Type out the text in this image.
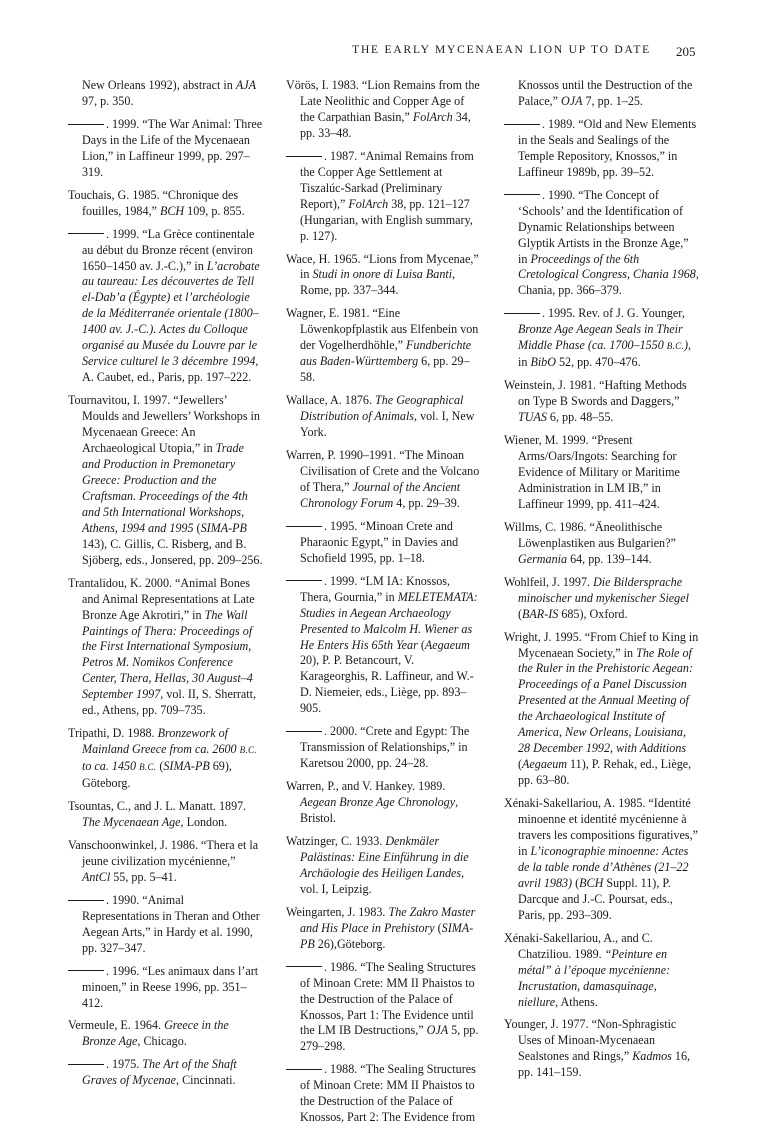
THE EARLY MYCENAEAN LION UP TO DATE 205
New Orleans 1992), abstract in AJA 97, p. 350.
. 1999. “The War Animal: Three Days in the Life of the Mycenaean Lion,” in Laffineur 1999, pp. 297–319.
Touchais, G. 1985. “Chronique des fouilles, 1984,” BCH 109, p. 855.
. 1999. “La Grèce continentale au début du Bronze récent (environ 1650–1450 av. J.-C.),” in L’acrobate au taureau: Les découvertes de Tell el-Dab’a (Égypte) et l’archéologie de la Méditerranée orientale (1800–1400 av. J.-C.). Actes du Colloque organisé au Musée du Louvre par le Service culturel le 3 décembre 1994, A. Caubet, ed., Paris, pp. 197–222.
Tournavitou, I. 1997. “Jewellers’ Moulds and Jewellers’ Workshops in Mycenaean Greece: An Archaeological Utopia,” in Trade and Production in Premonetary Greece: Production and the Craftsman. Proceedings of the 4th and 5th International Workshops, Athens, 1994 and 1995 (SIMA-PB 143), C. Gillis, C. Risberg, and B. Sjöberg, eds., Jonsered, pp. 209–256.
Trantalidou, K. 2000. “Animal Bones and Animal Representations at Late Bronze Age Akrotiri,” in The Wall Paintings of Thera: Proceedings of the First International Symposium, Petros M. Nomikos Conference Center, Thera, Hellas, 30 August–4 September 1997, vol. II, S. Sherratt, ed., Athens, pp. 709–735.
Tripathi, D. 1988. Bronzework of Mainland Greece from ca. 2600 B.C. to ca. 1450 B.C. (SIMA-PB 69), Göteborg.
Tsountas, C., and J. L. Manatt. 1897. The Mycenaean Age, London.
Vanschoonwinkel, J. 1986. “Thera et la jeune civilization mycénienne,” AntCl 55, pp. 5–41.
. 1990. “Animal Representations in Theran and Other Aegean Arts,” in Hardy et al. 1990, pp. 327–347.
. 1996. “Les animaux dans l’art minoen,” in Reese 1996, pp. 351–412.
Vermeule, E. 1964. Greece in the Bronze Age, Chicago.
. 1975. The Art of the Shaft Graves of Mycenae, Cincinnati.
Vörös, I. 1983. “Lion Remains from the Late Neolithic and Copper Age of the Carpathian Basin,” FolArch 34, pp. 33–48.
. 1987. “Animal Remains from the Copper Age Settlement at Tiszalúc-Sarkad (Preliminary Report),” FolArch 38, pp. 121–127 (Hungarian, with English summary, p. 127).
Wace, H. 1965. “Lions from Mycenae,” in Studi in onore di Luisa Banti, Rome, pp. 337–344.
Wagner, E. 1981. “Eine Löwenkopfplastik aus Elfenbein von der Vogelherdhöhle,” Fundberichte aus Baden-Württemberg 6, pp. 29–58.
Wallace, A. 1876. The Geographical Distribution of Animals, vol. I, New York.
Warren, P. 1990–1991. “The Minoan Civilisation of Crete and the Volcano of Thera,” Journal of the Ancient Chronology Forum 4, pp. 29–39.
. 1995. “Minoan Crete and Pharaonic Egypt,” in Davies and Schofield 1995, pp. 1–18.
. 1999. “LM IA: Knossos, Thera, Gournia,” in MELETEMATA: Studies in Aegean Archaeology Presented to Malcolm H. Wiener as He Enters His 65th Year (Aegaeum 20), P. P. Betancourt, V. Karageorghis, R. Laffineur, and W.-D. Niemeier, eds., Liège, pp. 893–905.
. 2000. “Crete and Egypt: The Transmission of Relationships,” in Karetsou 2000, pp. 24–28.
Warren, P., and V. Hankey. 1989. Aegean Bronze Age Chronology, Bristol.
Watzinger, C. 1933. Denkmäler Palästinas: Eine Einführung in die Archäologie des Heiligen Landes, vol. I, Leipzig.
Weingarten, J. 1983. The Zakro Master and His Place in Prehistory (SIMA-PB 26),Göteborg.
. 1986. “The Sealing Structures of Minoan Crete: MM II Phaistos to the Destruction of the Palace of Knossos, Part 1: The Evidence until the LM IB Destructions,” OJA 5, pp. 279–298.
. 1988. “The Sealing Structures of Minoan Crete: MM II Phaistos to the Destruction of the Palace of Knossos, Part 2: The Evidence from
Knossos until the Destruction of the Palace,” OJA 7, pp. 1–25.
. 1989. “Old and New Elements in the Seals and Sealings of the Temple Repository, Knossos,” in Laffineur 1989b, pp. 39–52.
. 1990. “The Concept of ‘Schools’ and the Identification of Dynamic Relationships between Glyptik Artists in the Bronze Age,” in Proceedings of the 6th Cretological Congress, Chania 1968, Chania, pp. 366–379.
. 1995. Rev. of J. G. Younger, Bronze Age Aegean Seals in Their Middle Phase (ca. 1700–1550 B.C.), in BibO 52, pp. 470–476.
Weinstein, J. 1981. “Hafting Methods on Type B Swords and Daggers,” TUAS 6, pp. 48–55.
Wiener, M. 1999. “Present Arms/Oars/Ingots: Searching for Evidence of Military or Maritime Administration in LM IB,” in Laffineur 1999, pp. 411–424.
Willms, C. 1986. “Äneolithische Löwenplastiken aus Bulgarien?” Germania 64, pp. 139–144.
Wohlfeil, J. 1997. Die Bildersprache minoischer und mykenischer Siegel (BAR-IS 685), Oxford.
Wright, J. 1995. “From Chief to King in Mycenaean Society,” in The Role of the Ruler in the Prehistoric Aegean: Proceedings of a Panel Discussion Presented at the Annual Meeting of the Archaeological Institute of America, New Orleans, Louisiana, 28 December 1992, with Additions (Aegaeum 11), P. Rehak, ed., Liège, pp. 63–80.
Xénaki-Sakellariou, A. 1985. “Identité minoenne et identité mycénienne à travers les compositions figuratives,” in L’iconographie minoenne: Actes de la table ronde d’Athènes (21–22 avril 1983) (BCH Suppl. 11), P. Darcque and J.-C. Poursat, eds., Paris, pp. 293–309.
Xénaki-Sakellariou, A., and C. Chatziliou. 1989. “Peinture en métal” à l’époque mycénienne: Incrustation, damasquinage, niellure, Athens.
Younger, J. 1977. “Non-Sphragistic Uses of Minoan-Mycenaean Sealstones and Rings,” Kadmos 16, pp. 141–159.
